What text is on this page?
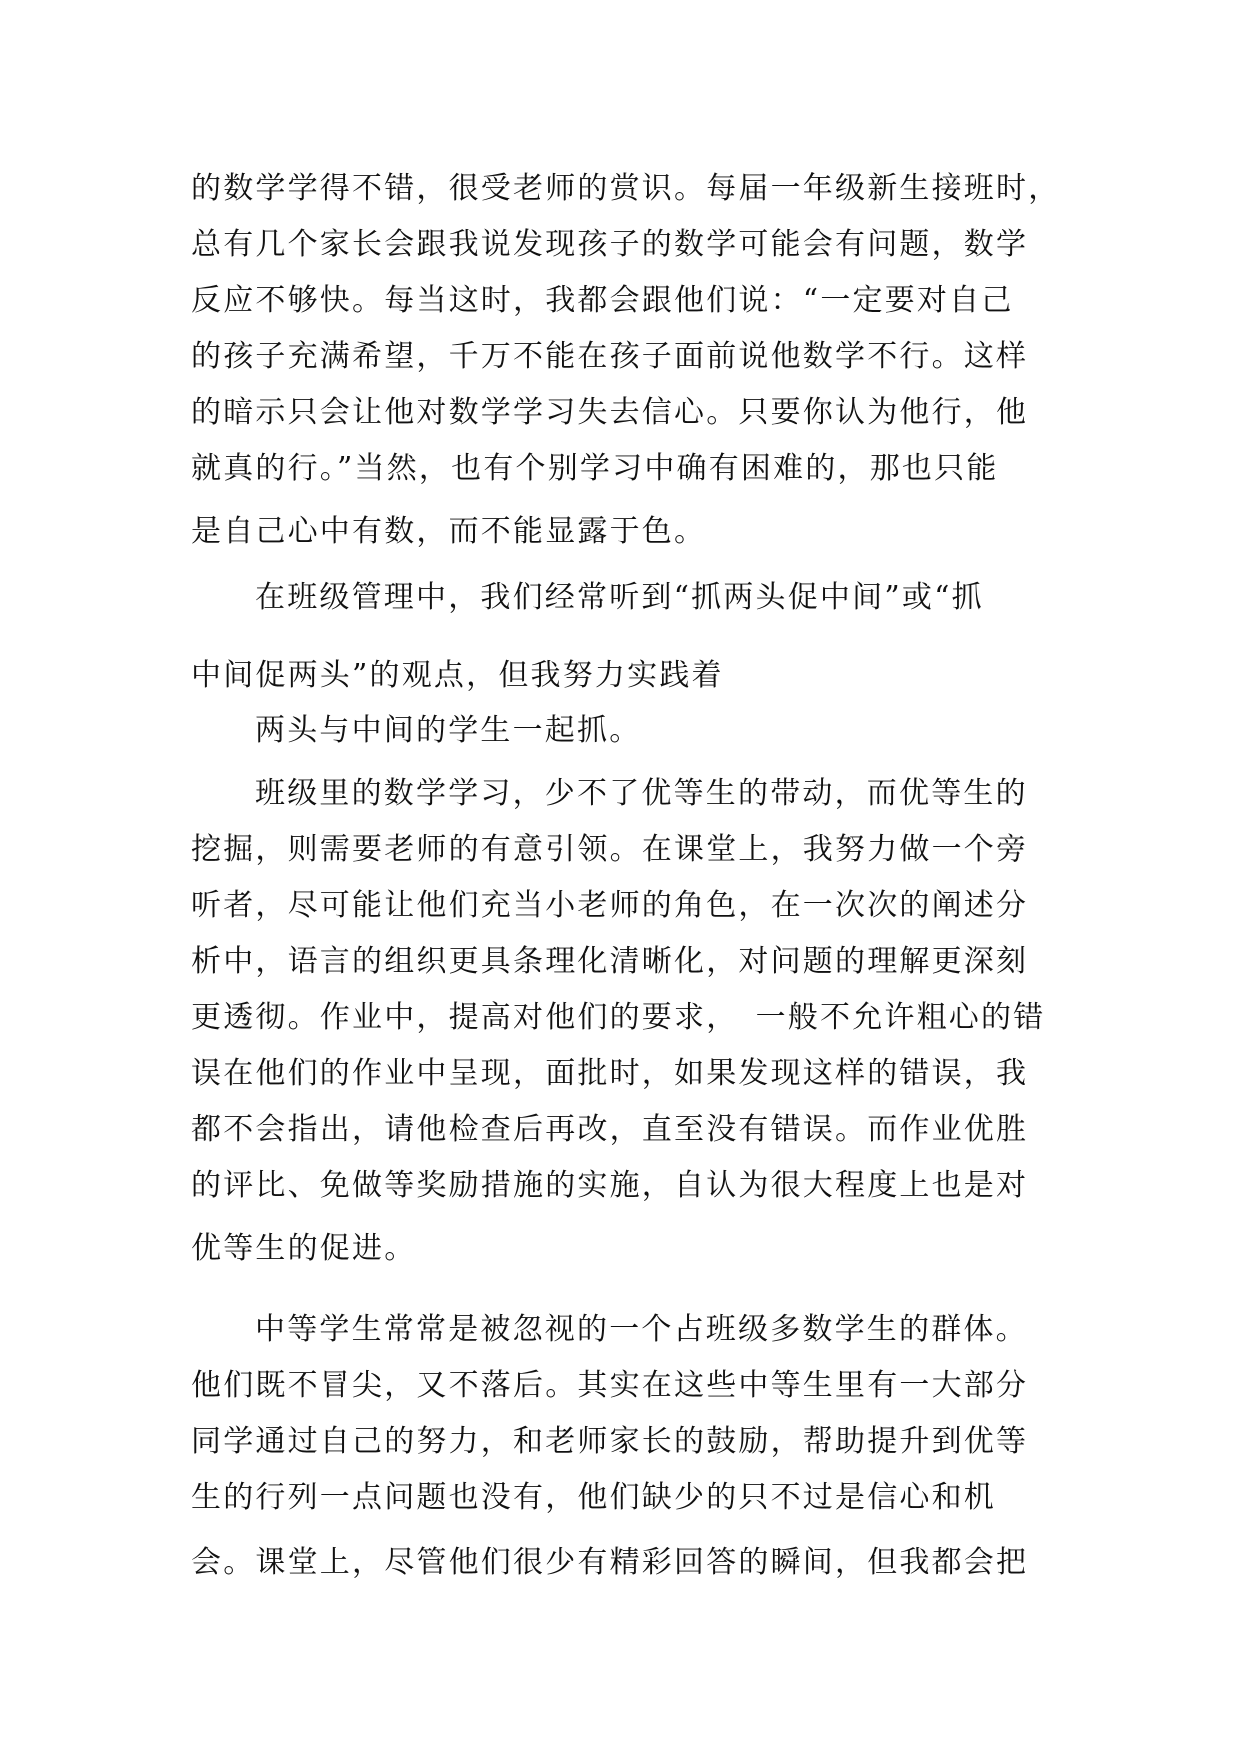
的数学学得不错，很受老师的赏识。每届一年级新生接班时，
总有几个家长会跟我说发现孩子的数学可能会有问题，数学
反应不够快。每当这时，我都会跟他们说：“一定要对自己
的孩子充满希望，千万不能在孩子面前说他数学不行。这样
的暗示只会让他对数学学习失去信心。只要你认为他行，他
就真的行。”当然，也有个别学习中确有困难的，那也只能
是自己心中有数，而不能显露于色。
在班级管理中，我们经常听到“抓两头促中间”或“抓
中间促两头”的观点，但我努力实践着
两头与中间的学生一起抓。
班级里的数学学习，少不了优等生的带动，而优等生的
挖掘，则需要老师的有意引领。在课堂上，我努力做一个旁
听者，尽可能让他们充当小老师的角色，在一次次的阐述分
析中，语言的组织更具条理化清晰化，对问题的理解更深刻
更透彻。作业中，提高对他们的要求，　一般不允许粗心的错
误在他们的作业中呈现，面批时，如果发现这样的错误，我
都不会指出，请他检查后再改，直至没有错误。而作业优胜
的评比、免做等奖励措施的实施，自认为很大程度上也是对
优等生的促进。
中等学生常常是被忽视的一个占班级多数学生的群体。
他们既不冒尖，又不落后。其实在这些中等生里有一大部分
同学通过自己的努力，和老师家长的鼓励，帮助提升到优等
生的行列一点问题也没有，他们缺少的只不过是信心和机
会。课堂上，尽管他们很少有精彩回答的瞬间，但我都会把
